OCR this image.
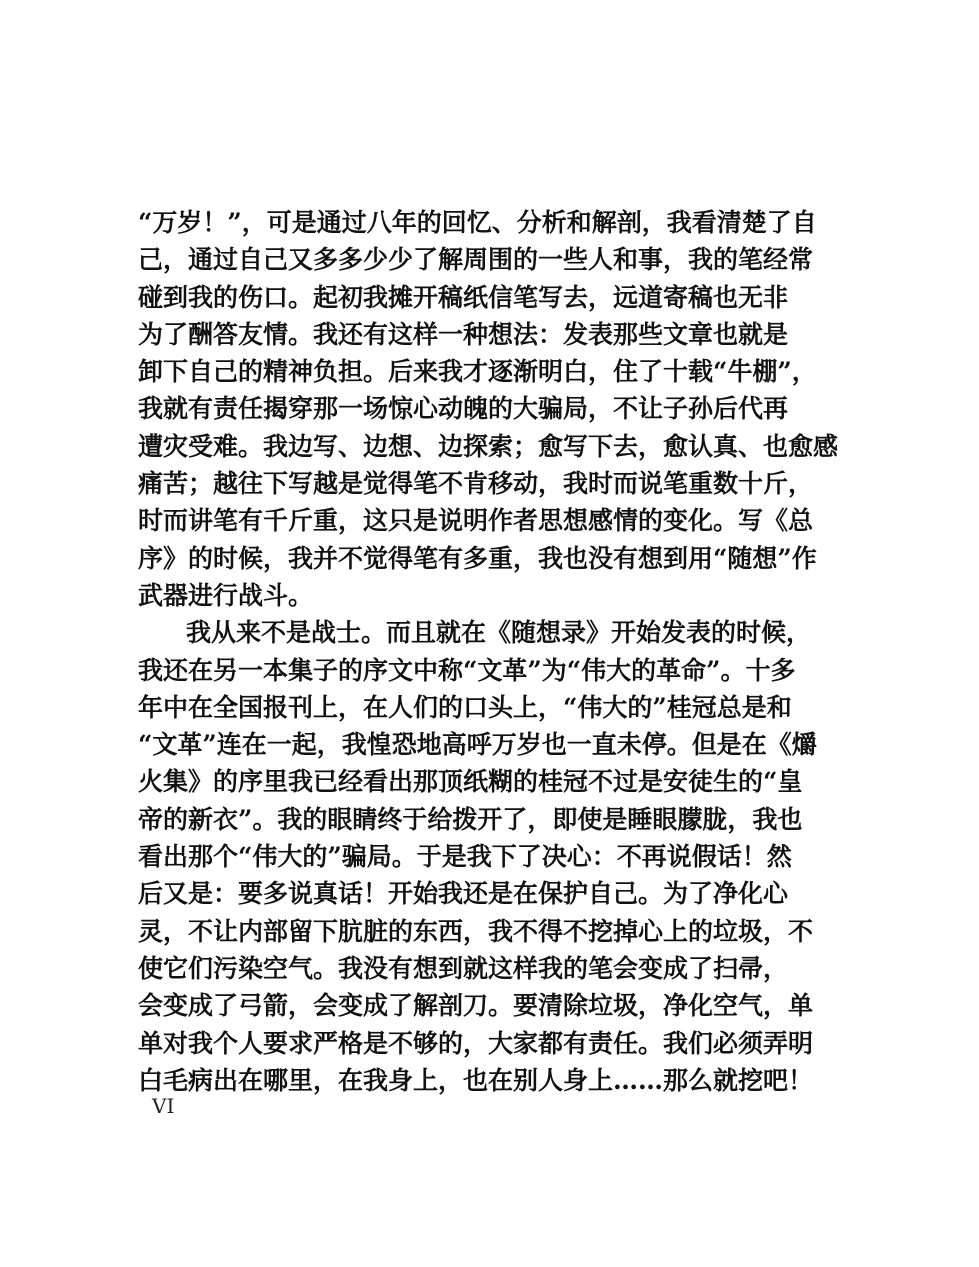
“万岁！”，可是通过八年的回忆、分析和解剖，我看清楚了自
己，通过自己又多多少少了解周围的一些人和事，我的笔经常
碰到我的伤口。起初我摊开稿纸信笔写去，远道寄稿也无非
为了酬答友情。我还有这样一种想法：发表那些文章也就是
卸下自己的精神负担。后来我才逐渐明白，住了十载“牛棚”，
我就有责任揭穿那一场惊心动魄的大骗局，不让子孙后代再
遭灾受难。我边写、边想、边探索；愈写下去，愈认真、也愈感
痛苦；越往下写越是觉得笔不肯移动，我时而说笔重数十斤，
时而讲笔有千斤重，这只是说明作者思想感情的变化。写《总
序》的时候，我并不觉得笔有多重，我也没有想到用“随想”作
武器进行战斗。
我从来不是战士。而且就在《随想录》开始发表的时候，
我还在另一本集子的序文中称“文革”为“伟大的革命”。十多
年中在全国报刊上，在人们的口头上，“伟大的”桂冠总是和
“文革”连在一起，我惶恐地高呼万岁也一直未停。但是在《爝
火集》的序里我已经看出那顶纸糊的桂冠不过是安徒生的“皇
帝的新衣”。我的眼睛终于给拨开了，即使是睡眼朦胧，我也
看出那个“伟大的”骗局。于是我下了决心：不再说假话！然
后又是：要多说真话！开始我还是在保护自己。为了净化心
灵，不让内部留下肮脏的东西，我不得不挖掉心上的垃圾，不
使它们污染空气。我没有想到就这样我的笔会变成了扫帚，
会变成了弓箭，会变成了解剖刀。要清除垃圾，净化空气，单
单对我个人要求严格是不够的，大家都有责任。我们必须弄明
白毛病出在哪里，在我身上，也在别人身上……那么就挖吧！
VI
